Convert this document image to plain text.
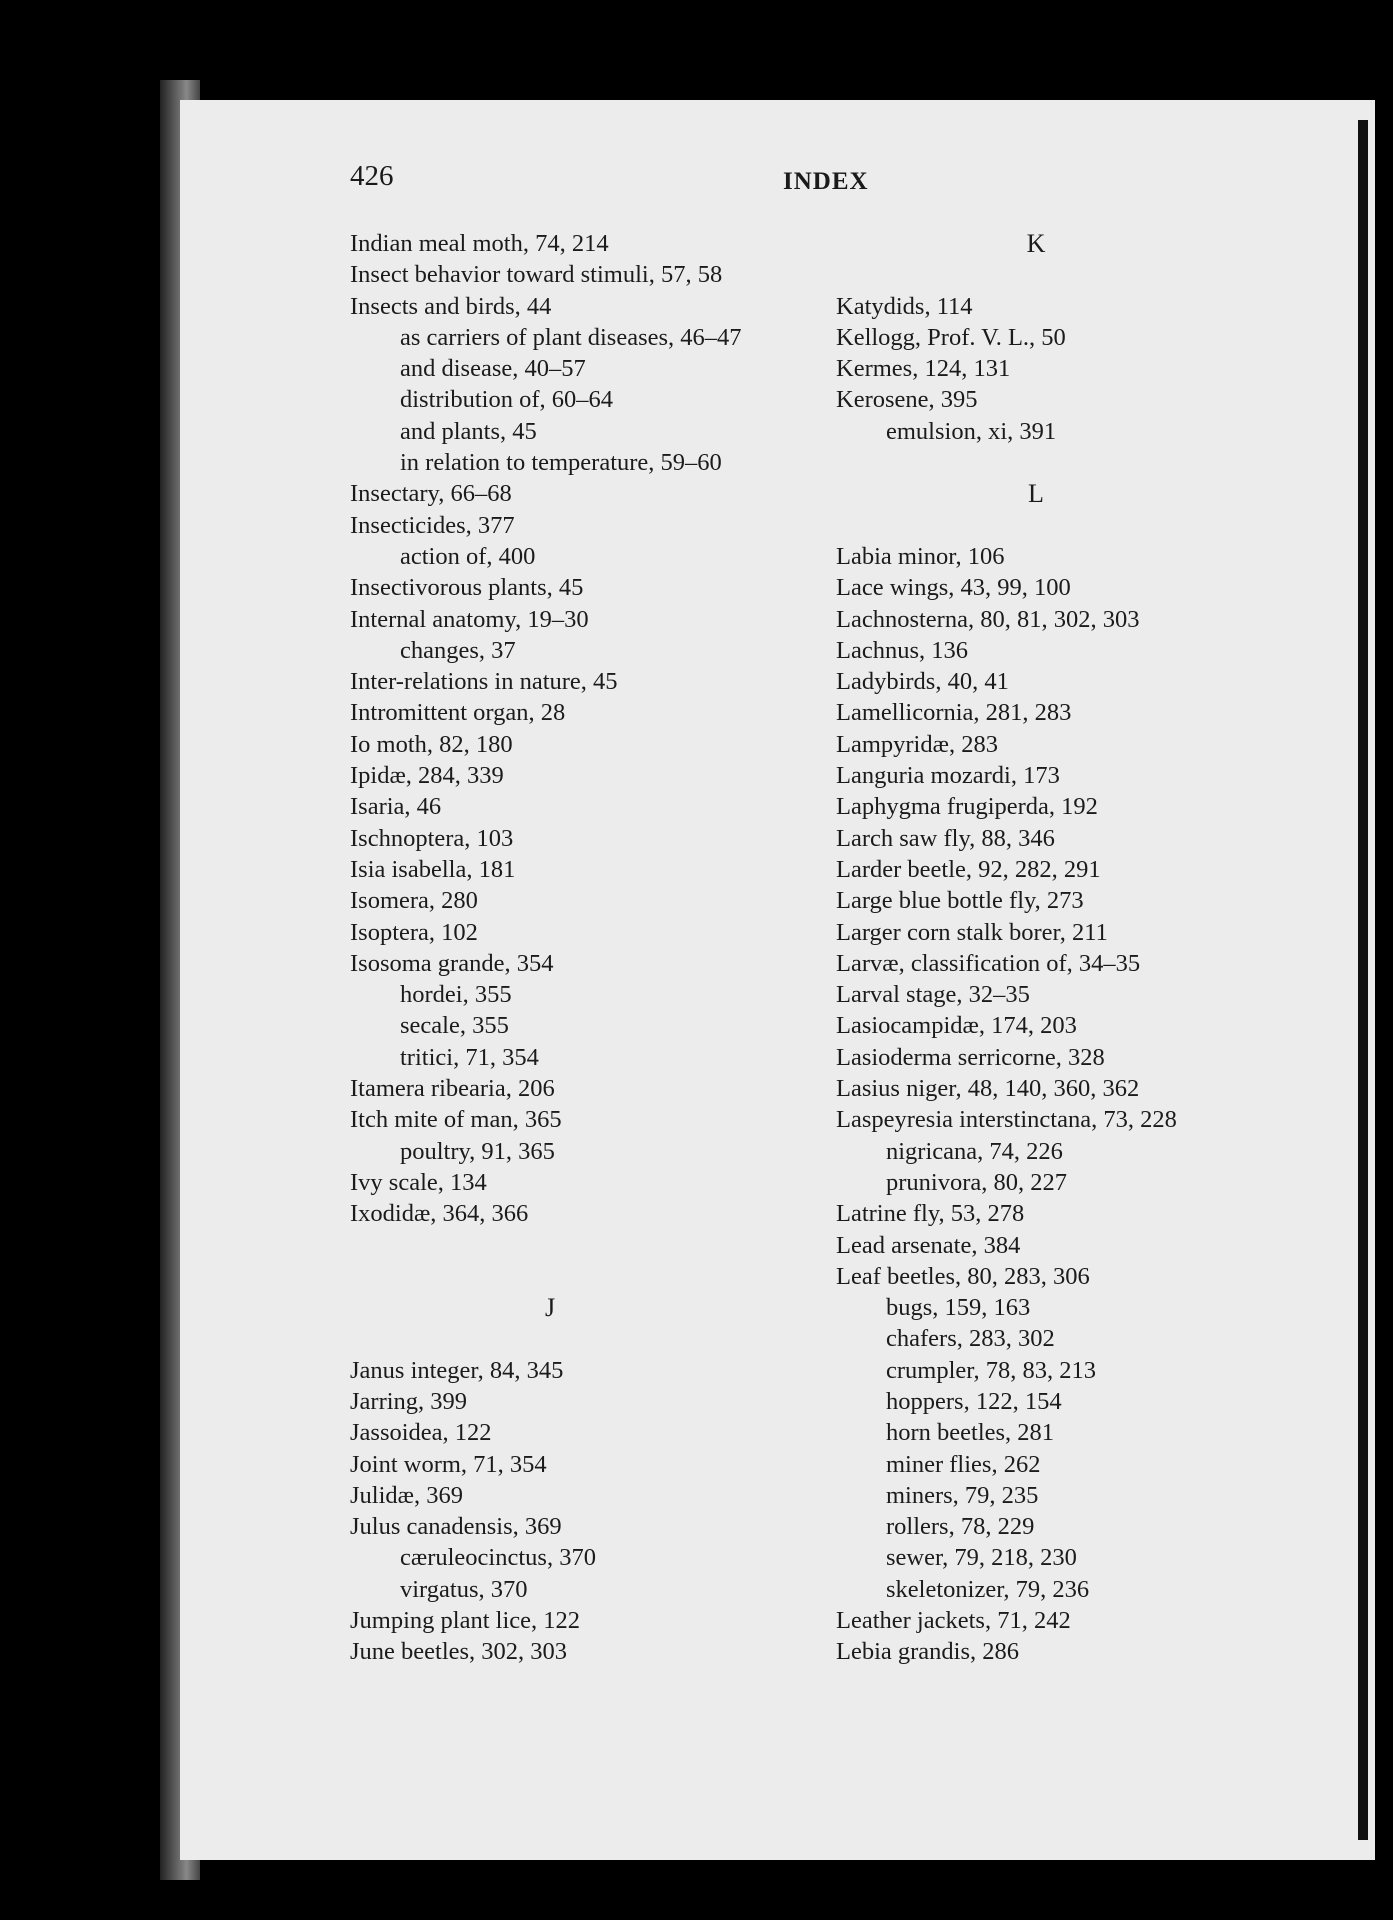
426	INDEX
Indian meal moth, 74, 214
Insect behavior toward stimuli, 57, 58
Insects and birds, 44
as carriers of plant diseases, 46–47
and disease, 40–57
distribution of, 60–64
and plants, 45
in relation to temperature, 59–60
Insectary, 66–68
Insecticides, 377
action of, 400
Insectivorous plants, 45
Internal anatomy, 19–30
changes, 37
Inter-relations in nature, 45
Intromittent organ, 28
Io moth, 82, 180
Ipidæ, 284, 339
Isaria, 46
Ischnoptera, 103
Isia isabella, 181
Isomera, 280
Isoptera, 102
Isosoma grande, 354
hordei, 355
secale, 355
tritici, 71, 354
Itamera ribearia, 206
Itch mite of man, 365
poultry, 91, 365
Ivy scale, 134
Ixodidæ, 364, 366
J
Janus integer, 84, 345
Jarring, 399
Jassoidea, 122
Joint worm, 71, 354
Julidæ, 369
Julus canadensis, 369
cæruleocinctus, 370
virgatus, 370
Jumping plant lice, 122
June beetles, 302, 303
K
Katydids, 114
Kellogg, Prof. V. L., 50
Kermes, 124, 131
Kerosene, 395
emulsion, xi, 391
L
Labia minor, 106
Lace wings, 43, 99, 100
Lachnosterna, 80, 81, 302, 303
Lachnus, 136
Ladybirds, 40, 41
Lamellicornia, 281, 283
Lampyridæ, 283
Languria mozardi, 173
Laphygma frugiperda, 192
Larch saw fly, 88, 346
Larder beetle, 92, 282, 291
Large blue bottle fly, 273
Larger corn stalk borer, 211
Larvæ, classification of, 34–35
Larval stage, 32–35
Lasiocampidæ, 174, 203
Lasioderma serricorne, 328
Lasius niger, 48, 140, 360, 362
Laspeyresia interstinctana, 73, 228
nigricana, 74, 226
prunivora, 80, 227
Latrine fly, 53, 278
Lead arsenate, 384
Leaf beetles, 80, 283, 306
bugs, 159, 163
chafers, 283, 302
crumpler, 78, 83, 213
hoppers, 122, 154
horn beetles, 281
miner flies, 262
miners, 79, 235
rollers, 78, 229
sewer, 79, 218, 230
skeletonizer, 79, 236
Leather jackets, 71, 242
Lebia grandis, 286
